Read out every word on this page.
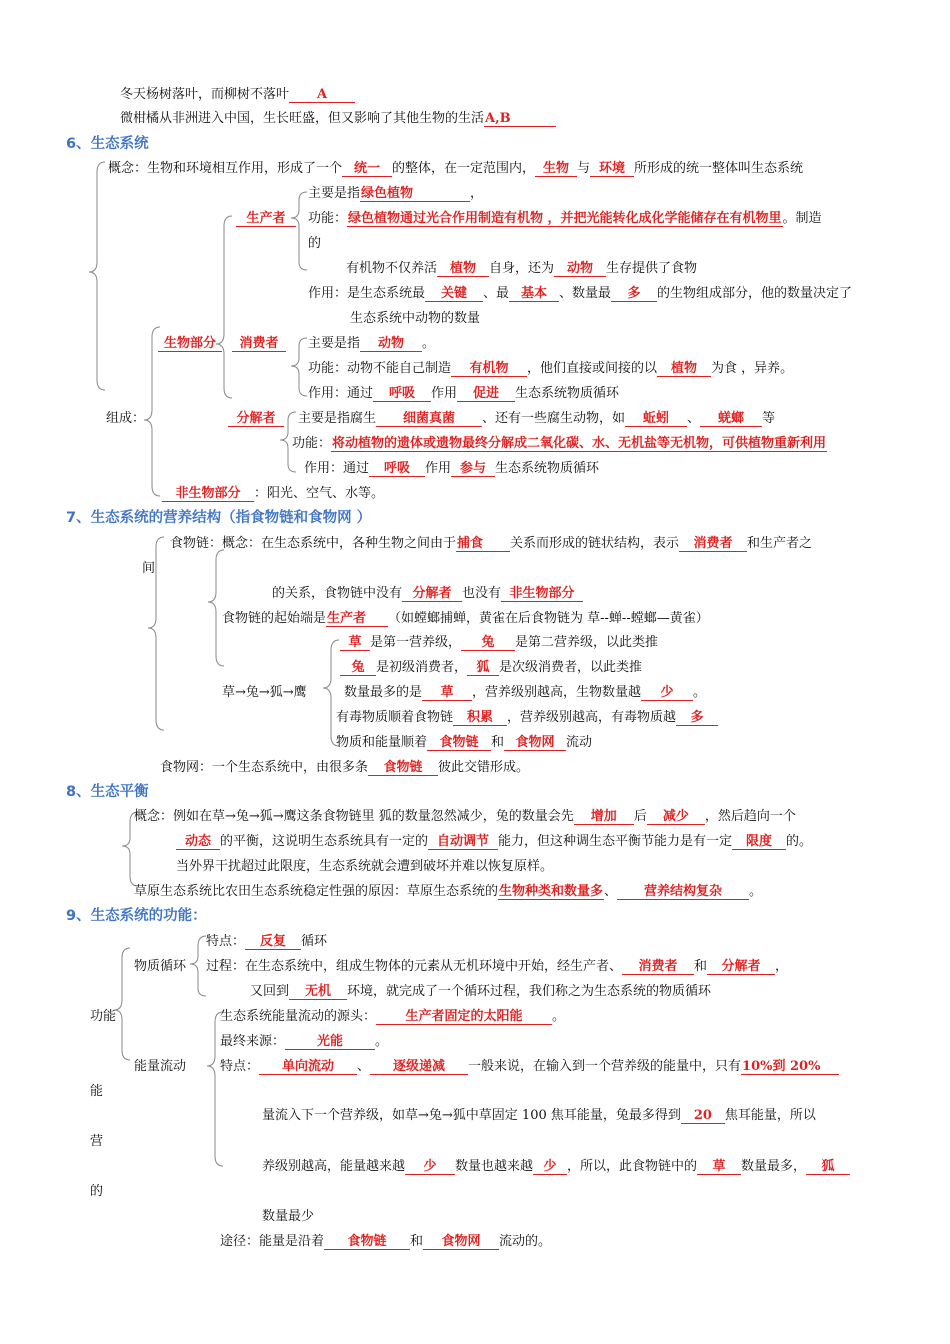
冬天杨树落叶，而柳树不落叶 A
微柑橘从非洲进入中国，生长旺盛，但又影响了其他生物的生活A,B
6、生态系统
概念：生物和环境相互作用，形成了一个 统一 的整体，在一定范围内， 生物 与 环境 所形成的统一整体叫生态系统
生产者
主要是指绿色植物	，
功能：绿色植物通过光合作用制造有机物 ，并把光能转化成化学能储存在有机物里。制造
的
有机物不仅养活 植物 自身，还为 动物 生存提供了食物
作用：是生态系统最 关键 、最 基本 、数量最 多 的生物组成部分，他的数量决定了
生态系统中动物的数量
生物部分	消费者	主要是指 动物 。
功能：动物不能自己制造 有机物 ，他们直接或间接的以 植物 为食 ，异养。
作用：通过 呼吸 作用 促进 生态系统物质循环
组成：	分解者	主要是指腐生 细菌真菌 、还有一些腐生动物，如 蚯蚓 、 蜣螂 等
功能：将动植物的遗体或遗物最终分解成二氧化碳、水、无机盐等无机物，可供植物重新利用
作用：通过 呼吸 作用 参与 生态系统物质循环
非生物部分 ：阳光、空气、水等。
7、生态系统的营养结构（指食物链和食物网 ）
食物链：概念：在生态系统中，各种生物之间由于捕食 关系而形成的链状结构，表示 消费者 和生产者之
间
的关系，食物链中没有 分解者 也没有 非生物部分
食物链的起始端是生产者 （如螳螂捕蝉，黄雀在后食物链为 草--蝉--螳螂—黄雀）
草→兔→狐→鹰
草 是第一营养级， 兔 是第二营养级，以此类推
兔 是初级消费者， 狐 是次级消费者，以此类推
数量最多的是 草 ，营养级别越高，生物数量越 少 。
有毒物质顺着食物链 积累 ，营养级别越高，有毒物质越 多
物质和能量顺着 食物链 和 食物网 流动
食物网：一个生态系统中，由很多条 食物链 彼此交错形成。
8、生态平衡
概念：例如在草→兔→狐→鹰这条食物链里 狐的数量忽然减少，兔的数量会先 增加 后 减少 ，然后趋向一个
动态 的平衡，这说明生态系统具有一定的 自动调节 能力，但这种调生态平衡节能力是有一定 限度 的。
当外界干扰超过此限度，生态系统就会遭到破坏并难以恢复原样。
草原生态系统比农田生态系统稳定性强的原因：草原生态系统的生物种类和数量多、 营养结构复杂 。
9、生态系统的功能：
特点： 反复 循环
物质循环 过程：在生态系统中，组成生物体的元素从无机环境中开始，经生产者、 消费者 和 分解者 ，
又回到 无机 环境，就完成了一个循环过程，我们称之为生态系统的物质循环
功能	生态系统能量流动的源头： 生产者固定的太阳能 。
最终来源： 光能 。
能量流动	特点： 单向流动 、 逐级递减 一般来说，在输入到一个营养级的能量中，只有10%到 20%
能
量流入下一个营养级，如草→兔→狐中草固定 100 焦耳能量，兔最多得到 20 焦耳能量，所以
营
养级别越高，能量越来越 少 数量也越来越 少 ，所以，此食物链中的 草 数量最多， 狐
的
数量最少
途径：能量是沿着 食物链 和 食物网 流动的。
